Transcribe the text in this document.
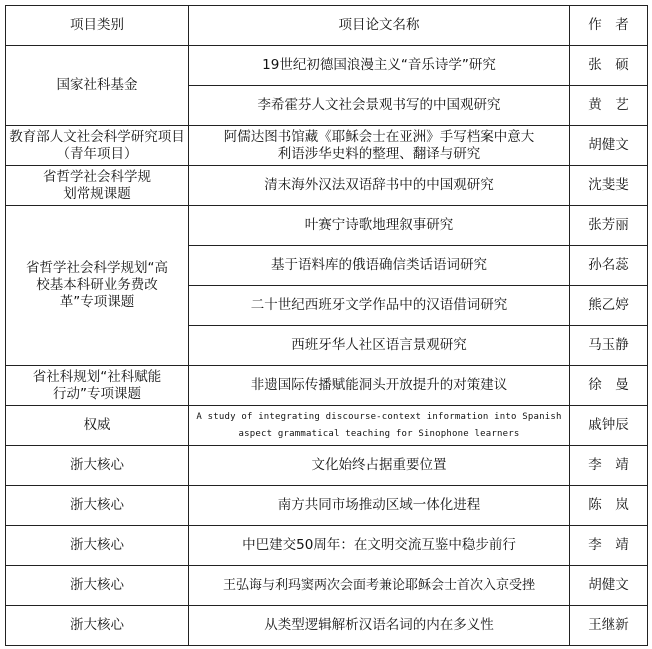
项目类别	项目论文名称	作　者
国家社科基金	19世纪初德国浪漫主义“音乐诗学”研究	张　硕
	李希霍芬人文社会景观书写的中国观研究	黄　艺
教育部人文社会科学研究项目（青年项目）	阿儒达图书馆藏《耶稣会士在亚洲》手写档案中意大利语涉华史料的整理、翻译与研究	胡健文
省哲学社会科学规划常规课题	清末海外汉法双语辞书中的中国观研究	沈斐斐
省哲学社会科学规划“高校基本科研业务费改革”专项课题	叶赛宁诗歌地理叙事研究	张芳丽
	基于语料库的俄语确信类话语词研究	孙名蕊
	二十世纪西班牙文学作品中的汉语借词研究	熊乙婷
	西班牙华人社区语言景观研究	马玉静
省社科规划“社科赋能行动”专项课题	非遗国际传播赋能洞头开放提升的对策建议	徐　曼
权威	A study of integrating discourse-context information into Spanish aspect grammatical teaching for Sinophone learners	戚钟辰
浙大核心	文化始终占据重要位置	李　靖
浙大核心	南方共同市场推动区域一体化进程	陈　岚
浙大核心	中巴建交50周年：在文明交流互鉴中稳步前行	李　靖
浙大核心	王弘诲与利玛窦两次会面考兼论耶稣会士首次入京受挫	胡健文
浙大核心	从类型逻辑解析汉语名词的内在多义性	王继新
